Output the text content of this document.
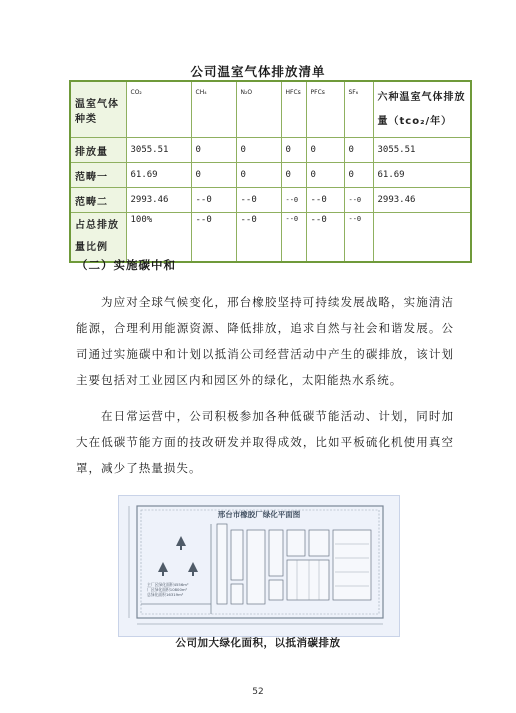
公司温室气体排放清单
温室气体种类	CO₂	CH₄	N₂O	HFCs	PFCs	SF₆	六种温室气体排放量（tco₂/年）
排放量	3055.51	0	0	0	0	0	3055.51
范畴一	61.69	0	0	0	0	0	61.69
范畴二	2993.46	--0	--0	--0	--0	--0	2993.46
占总排放量比例	100%	--0	--0	--0	--0	--0	
（二）实施碳中和

为应对全球气候变化，邢台橡胶坚持可持续发展战略，实施清洁能源，合理利用能源资源、降低排放，追求自然与社会和谐发展。公司通过实施碳中和计划以抵消公司经营活动中产生的碳排放，该计划主要包括对工业园区内和园区外的绿化，太阳能热水系统。

在日常运营中，公司积极参加各种低碳节能活动、计划，同时加大在低碳节能方面的技改研发并取得成效，比如平板硫化机使用真空罩，减少了热量损失。

邢台市橡胶厂绿化平面图
主厂区绿化面积4556m²
厂区绿化面积10800m²
总绿化面积16319m²
公司加大绿化面积，以抵消碳排放
52
